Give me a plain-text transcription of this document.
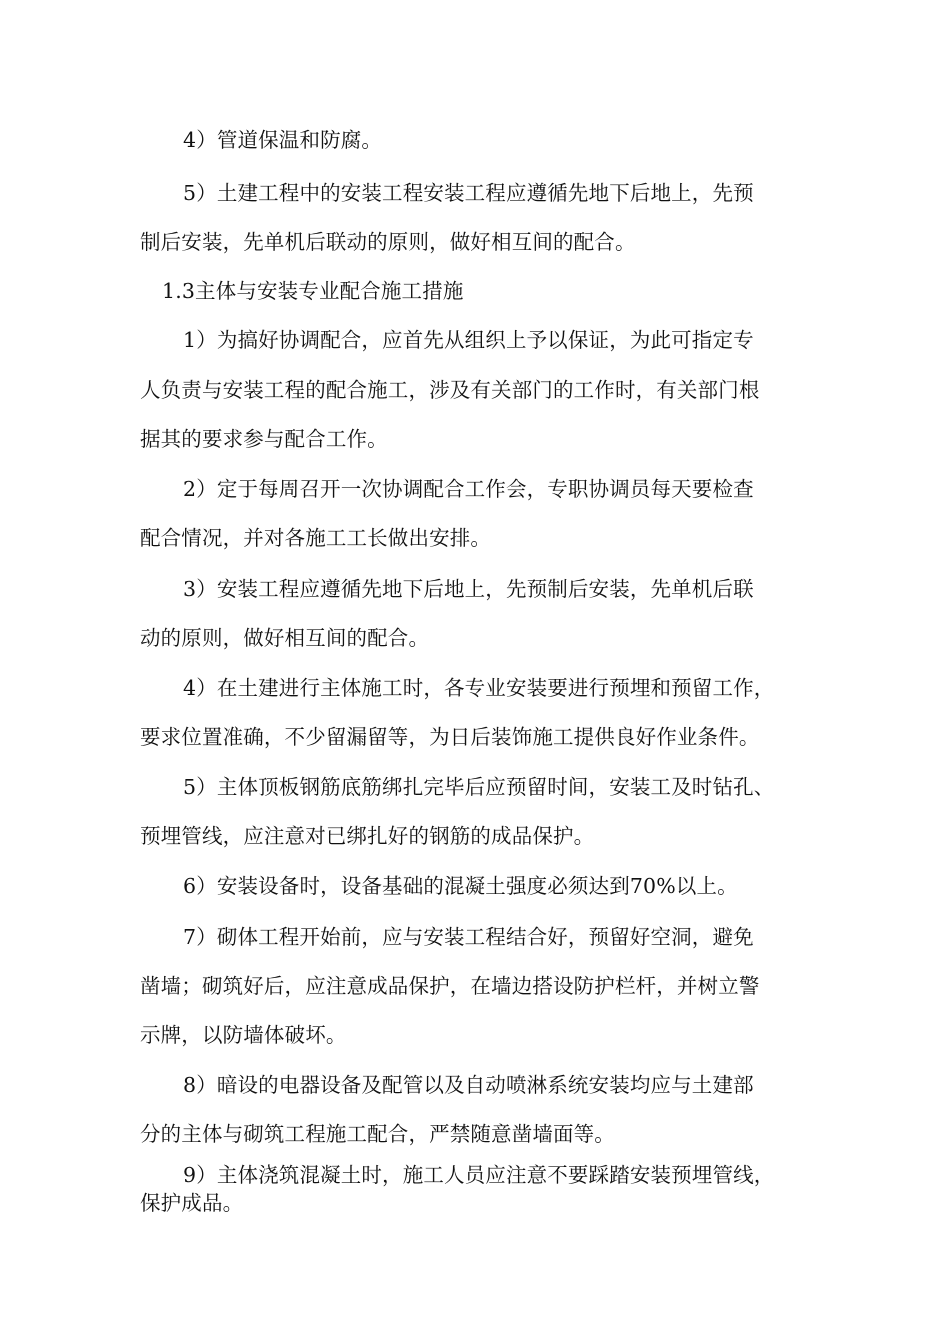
4）管道保温和防腐。
5）土建工程中的安装工程安装工程应遵循先地下后地上，先预
制后安装，先单机后联动的原则，做好相互间的配合。
1.3主体与安装专业配合施工措施
1）为搞好协调配合，应首先从组织上予以保证，为此可指定专
人负责与安装工程的配合施工，涉及有关部门的工作时，有关部门根
据其的要求参与配合工作。
2）定于每周召开一次协调配合工作会，专职协调员每天要检查
配合情况，并对各施工工长做出安排。
3）安装工程应遵循先地下后地上，先预制后安装，先单机后联
动的原则，做好相互间的配合。
4）在土建进行主体施工时，各专业安装要进行预埋和预留工作，
要求位置准确，不少留漏留等，为日后装饰施工提供良好作业条件。
5）主体顶板钢筋底筋绑扎完毕后应预留时间，安装工及时钻孔、
预埋管线，应注意对已绑扎好的钢筋的成品保护。
6）安装设备时，设备基础的混凝土强度必须达到70%以上。
7）砌体工程开始前，应与安装工程结合好，预留好空洞，避免
凿墙；砌筑好后，应注意成品保护，在墙边搭设防护栏杆，并树立警
示牌，以防墙体破坏。
8）暗设的电器设备及配管以及自动喷淋系统安装均应与土建部
分的主体与砌筑工程施工配合，严禁随意凿墙面等。
9）主体浇筑混凝土时，施工人员应注意不要踩踏安装预埋管线，
保护成品。
